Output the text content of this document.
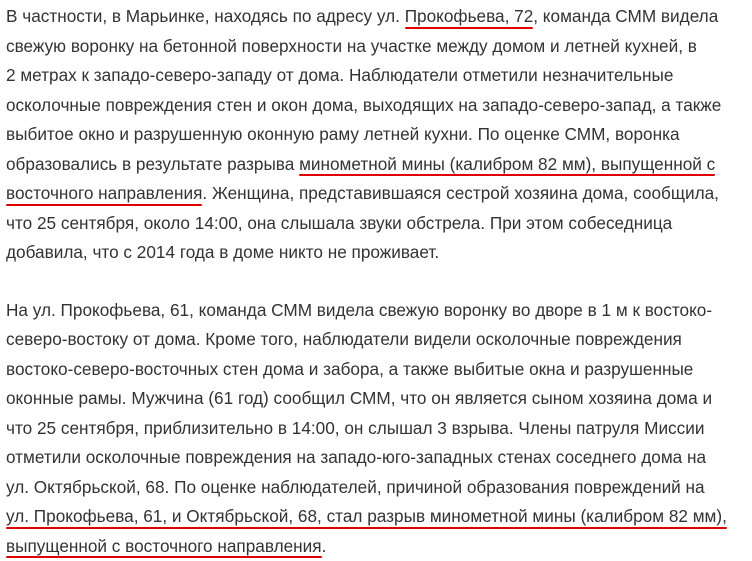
В частности, в Марьинке, находясь по адресу ул. Прокофьева, 72, команда СММ видела
свежую воронку на бетонной поверхности на участке между домом и летней кухней, в
2 метрах к западо-северо-западу от дома. Наблюдатели отметили незначительные
осколочные повреждения стен и окон дома, выходящих на западо-северо-запад, а также
выбитое окно и разрушенную оконную раму летней кухни. По оценке СММ, воронка
образовались в результате разрыва минометной мины (калибром 82 мм), выпущенной с
восточного направления. Женщина, представившаяся сестрой хозяина дома, сообщила,
что 25 сентября, около 14:00, она слышала звуки обстрела. При этом собеседница
добавила, что с 2014 года в доме никто не проживает.
На ул. Прокофьева, 61, команда СММ видела свежую воронку во дворе в 1 м к востоко-
северо-востоку от дома. Кроме того, наблюдатели видели осколочные повреждения
востоко-северо-восточных стен дома и забора, а также выбитые окна и разрушенные
оконные рамы. Мужчина (61 год) сообщил СММ, что он является сыном хозяина дома и
что 25 сентября, приблизительно в 14:00, он слышал 3 взрыва. Члены патруля Миссии
отметили осколочные повреждения на западо-юго-западных стенах соседнего дома на
ул. Октябрьской, 68. По оценке наблюдателей, причиной образования повреждений на
ул. Прокофьева, 61, и Октябрьской, 68, стал разрыв минометной мины (калибром 82 мм),
выпущенной с восточного направления.
